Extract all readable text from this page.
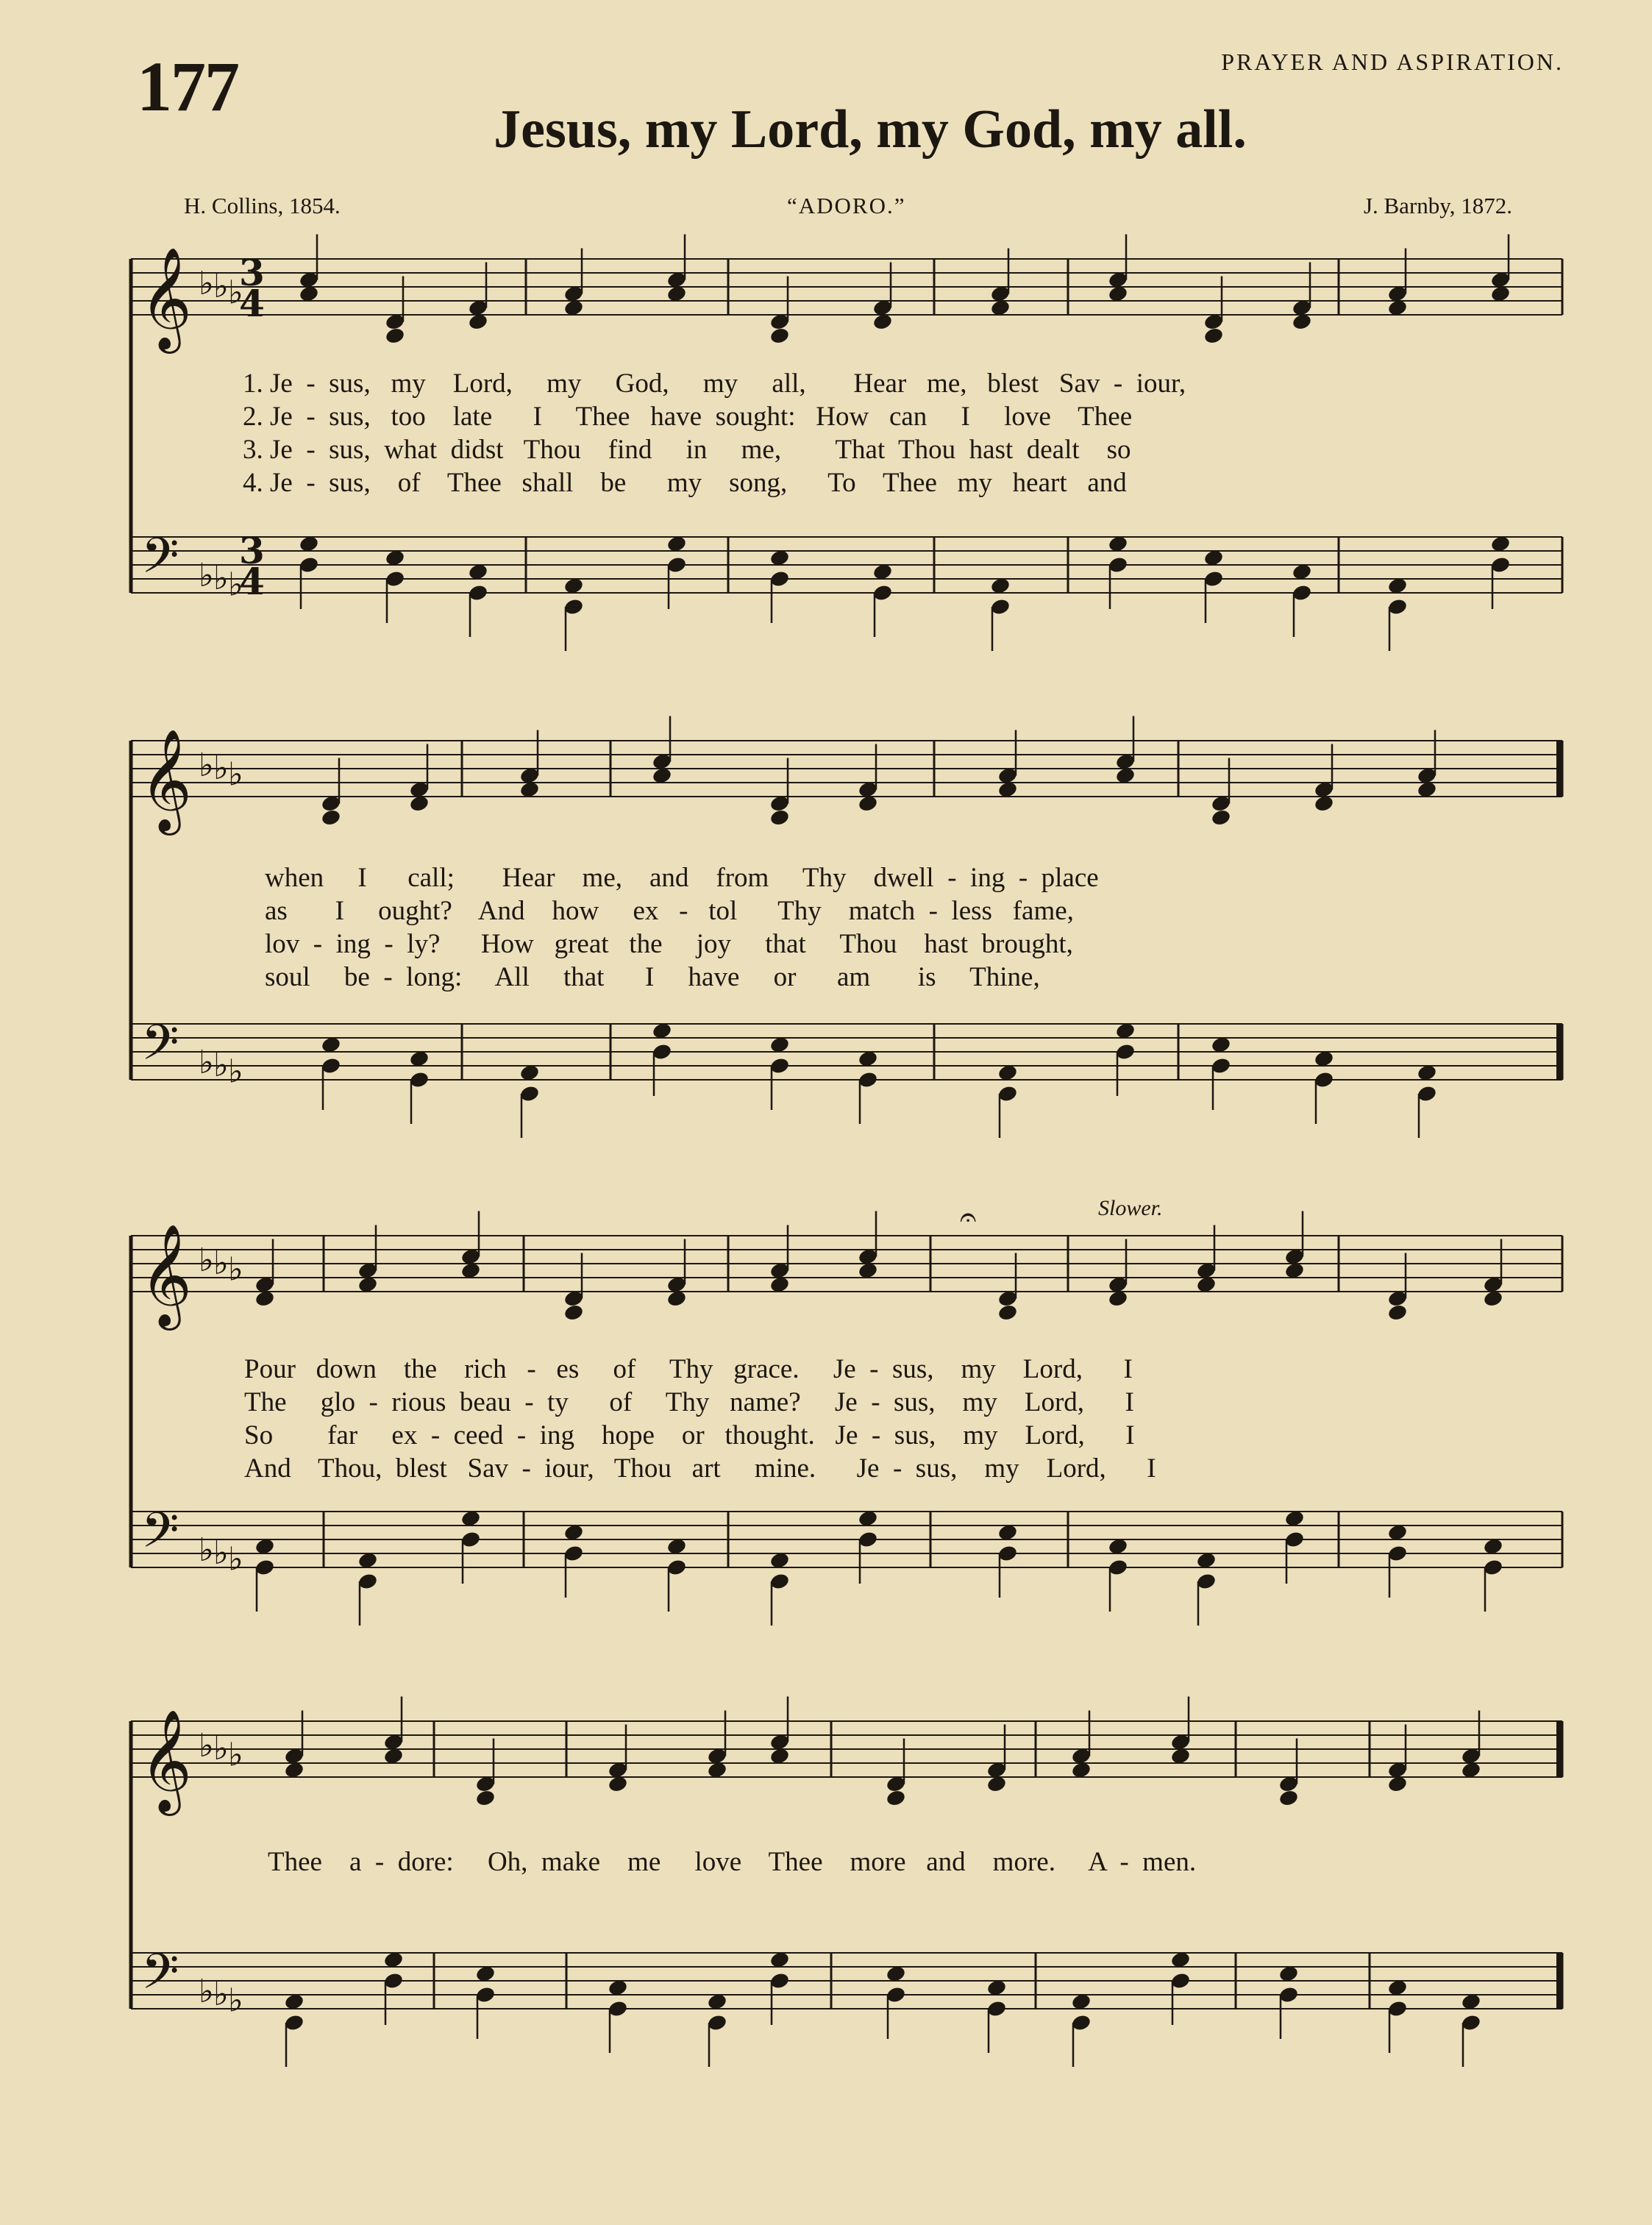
177	PRAYER AND ASPIRATION.
Jesus, my Lord, my God, my all.
H. Collins, 1854.	“ADORO.”	J. Barnby, 1872.
𝄞
𝄢
♭
♭
♭
♭
♭
♭
3
4
3
4
𝄞
𝄢
♭
♭
♭
♭
♭
♭
𝄞
𝄢
♭
♭
♭
♭
♭
♭
𝄞
𝄢
♭
♭
♭
♭
♭
♭
𝄐
1. Je  -  sus,   my    Lord,     my     God,     my     all,       Hear   me,   blest   Sav  -  iour,
2. Je  -  sus,   too    late      I     Thee   have  sought:   How   can     I     love    Thee
3. Je  -  sus,  what  didst   Thou    find     in     me,        That  Thou  hast  dealt    so
4. Je  -  sus,    of    Thee   shall    be      my    song,      To    Thee   my   heart   and
when     I      call;       Hear    me,    and    from     Thy    dwell  -  ing  -  place
as       I     ought?    And    how     ex   -   tol      Thy    match  -  less   fame,
lov  -  ing  -  ly?      How   great   the     joy     that     Thou    hast  brought,
soul     be  -  long:     All     that      I     have     or      am       is     Thine,
Slower.
Pour   down    the    rich   -   es     of     Thy   grace.     Je  -  sus,    my    Lord,      I
The     glo  -  rious  beau  -  ty      of     Thy   name?     Je  -  sus,    my    Lord,      I
So        far     ex  -  ceed  -  ing    hope    or   thought.   Je  -  sus,    my    Lord,      I
And    Thou,  blest   Sav  -  iour,   Thou   art     mine.      Je  -  sus,    my    Lord,      I
Thee    a  -  dore:     Oh,  make    me     love    Thee    more   and    more.     A  -  men.
